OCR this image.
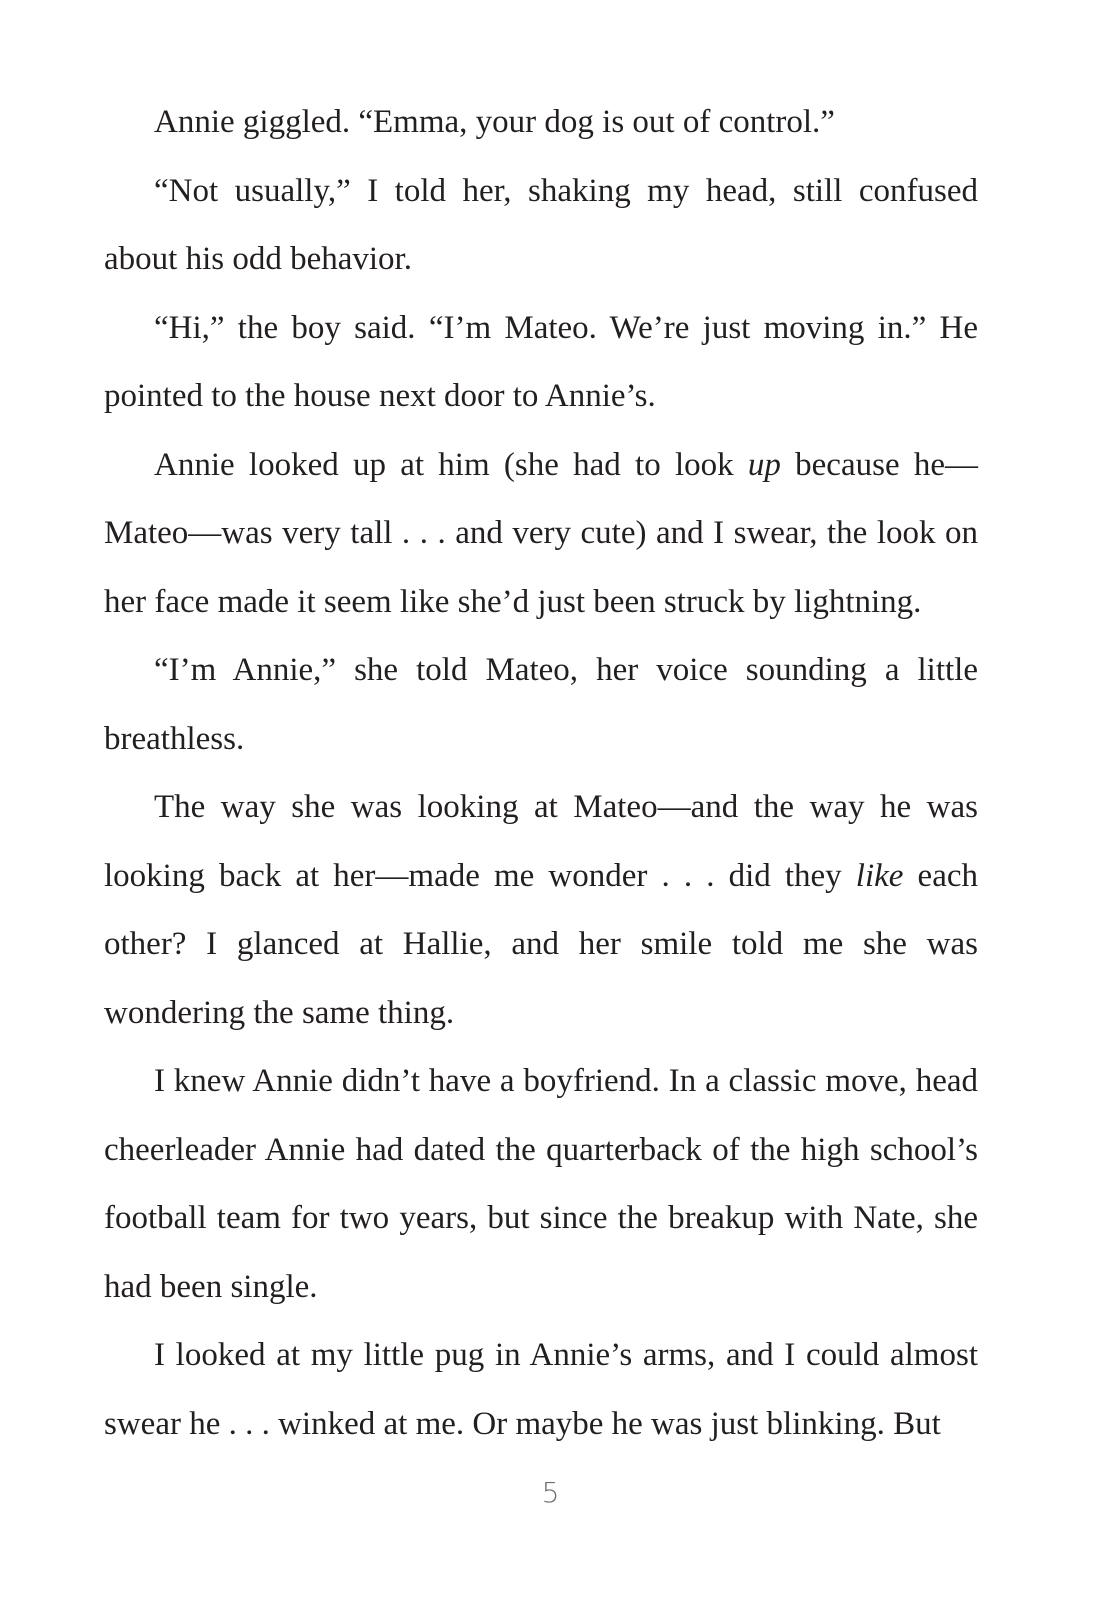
Annie giggled. “Emma, your dog is out of control.”

“Not usually,” I told her, shaking my head, still confused about his odd behavior.

“Hi,” the boy said. “I’m Mateo. We’re just moving in.” He pointed to the house next door to Annie’s.

Annie looked up at him (she had to look up because he—Mateo—was very tall . . . and very cute) and I swear, the look on her face made it seem like she’d just been struck by lightning.

“I’m Annie,” she told Mateo, her voice sounding a little breathless.

The way she was looking at Mateo—and the way he was looking back at her—made me wonder . . . did they like each other? I glanced at Hallie, and her smile told me she was wondering the same thing.

I knew Annie didn’t have a boyfriend. In a classic move, head cheerleader Annie had dated the quarterback of the high school’s football team for two years, but since the breakup with Nate, she had been single.

I looked at my little pug in Annie’s arms, and I could almost swear he . . . winked at me. Or maybe he was just blinking. But

5
